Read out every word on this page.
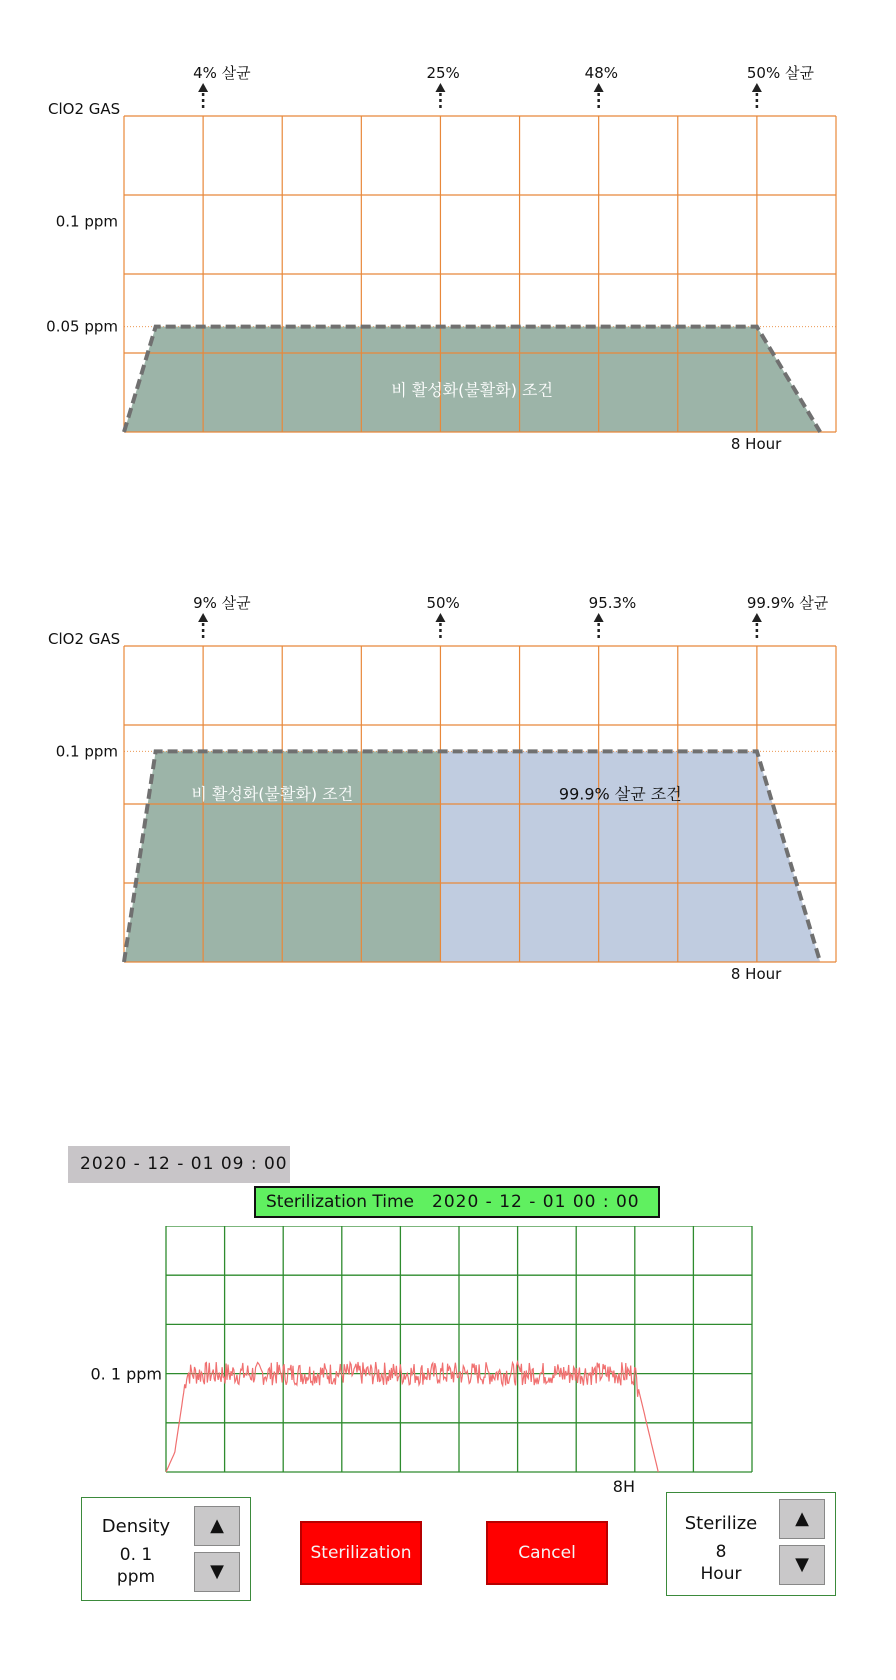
ClO2 GAS
0.1 ppm
0.05 ppm
4% 살균	25%	48%	50% 살균
비 활성화(불활화) 조건
8 Hour
ClO2 GAS
0.1 ppm
9% 살균	50%	95.3%	99.9% 살균
비 활성화(불활화) 조건	99.9% 살균 조건
8 Hour
0. 1 ppm
8H
2020 - 12 - 01 09 : 00
Sterilization Time 2020 - 12 - 01 00 : 00
Density
0. 1
ppm
▲
▼
Sterilization	Cancel
Sterilize
8
Hour
▲
▼
